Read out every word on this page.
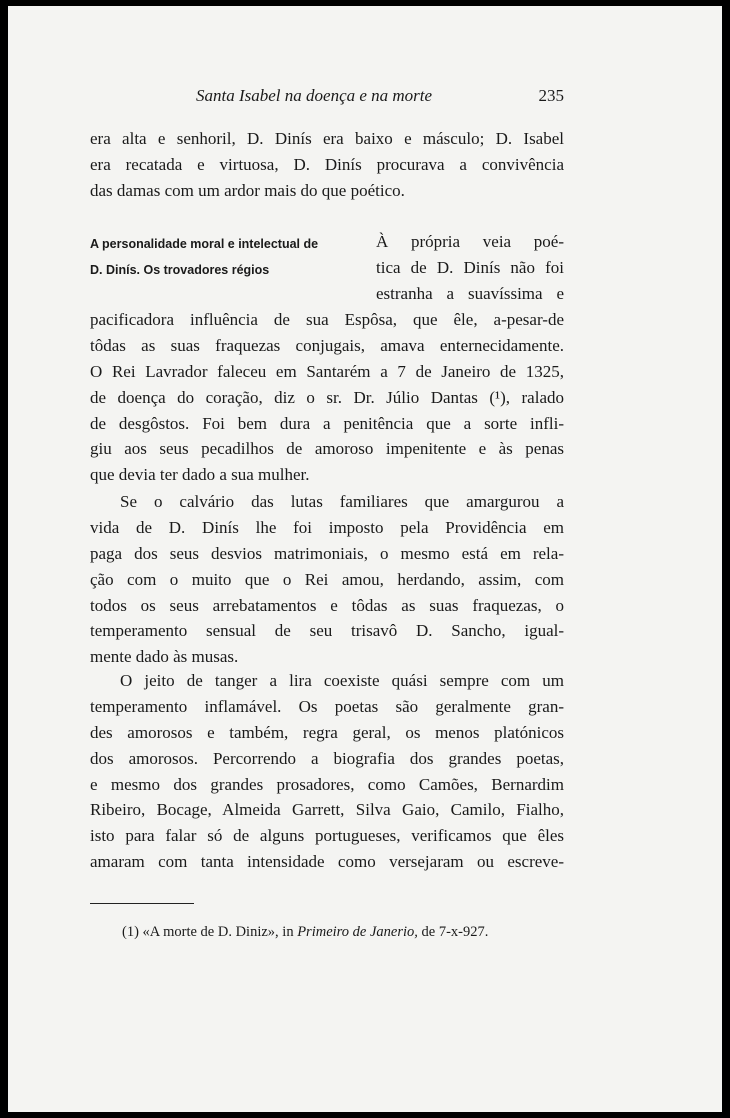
Santa Isabel na doença e na morte	235
era alta e senhoril, D. Dinís era baixo e másculo; D. Isabel
era recatada e virtuosa, D. Dinís procurava a convivência
das damas com um ardor mais do que poético.
A personalidade moral e intelectual de
D. Dinís. Os trovadores régios
À própria veia poé-
tica de D. Dinís não foi
estranha a suavíssima e
pacificadora influência de sua Espôsa, que êle, a-pesar-de
tôdas as suas fraquezas conjugais, amava enternecidamente.
O Rei Lavrador faleceu em Santarém a 7 de Janeiro de 1325,
de doença do coração, diz o sr. Dr. Júlio Dantas (¹), ralado
de desgôstos. Foi bem dura a penitência que a sorte infli-
giu aos seus pecadilhos de amoroso impenitente e às penas
que devia ter dado a sua mulher.
Se o calvário das lutas familiares que amargurou a
vida de D. Dinís lhe foi imposto pela Providência em
paga dos seus desvios matrimoniais, o mesmo está em rela-
ção com o muito que o Rei amou, herdando, assim, com
todos os seus arrebatamentos e tôdas as suas fraquezas, o
temperamento sensual de seu trisavô D. Sancho, igual-
mente dado às musas.
O jeito de tanger a lira coexiste quási sempre com um
temperamento inflamável. Os poetas são geralmente gran-
des amorosos e também, regra geral, os menos platónicos
dos amorosos. Percorrendo a biografia dos grandes poetas,
e mesmo dos grandes prosadores, como Camões, Bernardim
Ribeiro, Bocage, Almeida Garrett, Silva Gaio, Camilo, Fialho,
isto para falar só de alguns portugueses, verificamos que êles
amaram com tanta intensidade como versejaram ou escreve-
(1) «A morte de D. Diniz», in Primeiro de Janerio, de 7-x-927.
